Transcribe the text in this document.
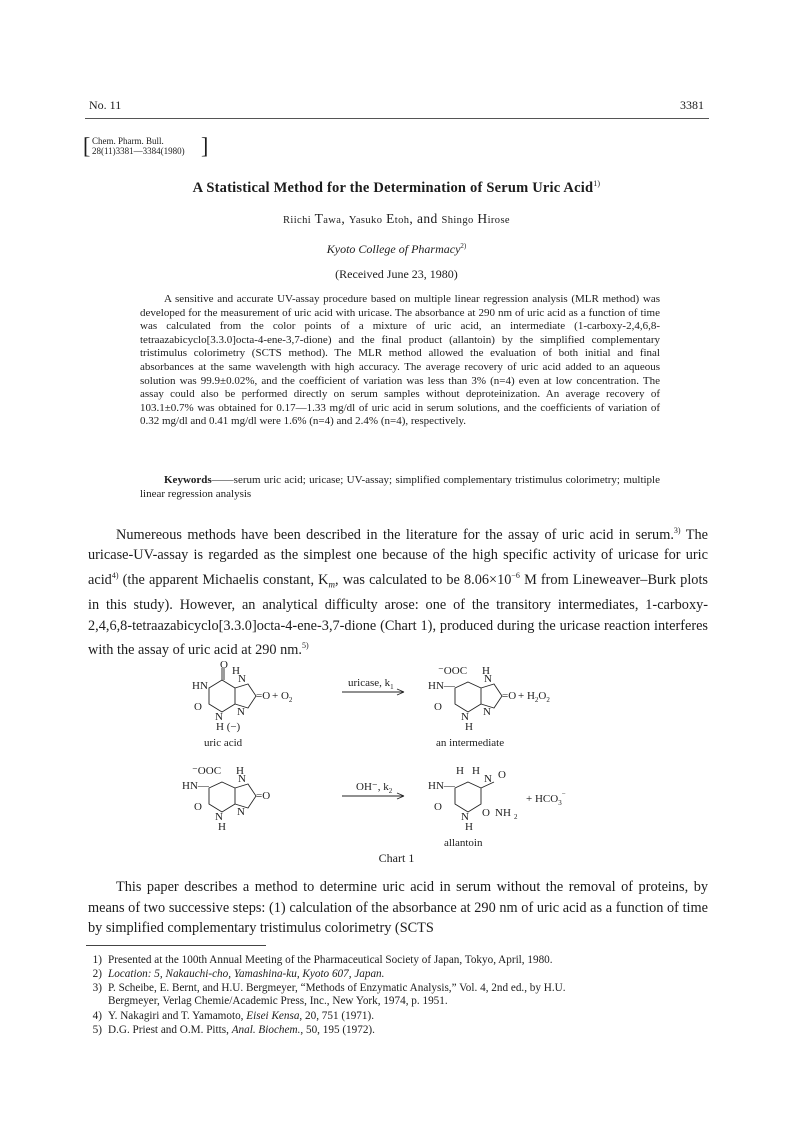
No. 11	3381
[ Chem. Pharm. Bull.
28(11)3381—3384(1980) ]
A Statistical Method for the Determination of Serum Uric Acid$^{1)}$
Riichi Tawa, Yasuko Etoh, and Shingo Hirose
Kyoto College of Pharmacy$^{2)}$
(Received June 23, 1980)

A sensitive and accurate UV-assay procedure based on multiple linear regression analysis (MLR method) was developed for the measurement of uric acid with uricase. The absorbance at 290 nm of uric acid as a function of time was calculated from the color points of a mixture of uric acid, an intermediate (1-carboxy-2,4,6,8-tetraazabicyclo[3.3.0]octa-4-ene-3,7-dione) and the final product (allantoin) by the simplified complementary tristimulus colorimetry (SCTS method). The MLR method allowed the evaluation of both initial and final absorbances at the same wavelength with high accuracy. The average recovery of uric acid added to an aqueous solution was 99.9±0.02%, and the coefficient of variation was less than 3% (n=4) even at low concentration. The assay could also be performed directly on serum samples without deproteinization. An average recovery of 103.1±0.7% was obtained for 0.17—1.33 mg/dl of uric acid in serum solutions, and the coefficients of variation of 0.32 mg/dl and 0.41 mg/dl were 1.6% (n=4) and 2.4% (n=4), respectively.

Keywords——serum uric acid; uricase; UV-assay; simplified complementary tristimulus colorimetry; multiple linear regression analysis

Numereous methods have been described in the literature for the assay of uric acid in serum.$^{3)}$ The uricase-UV-assay is regarded as the simplest one because of the high specific activity of uricase for uric acid$^{4)}$ (the apparent Michaelis constant, $K_m$, was calculated to be $8.06\times 10^{-6}$ M from Lineweaver–Burk plots in this study). However, an analytical difficulty arose: one of the transitory intermediates, 1-carboxy-2,4,6,8-tetraazabicyclo[3.3.0]octa-4-ene-3,7-dione (Chart 1), produced during the uricase reaction interferes with the assay of uric acid at 290 nm.$^{5)}$

O H
HN
N
=O
O
N N
H (−)
+ $O_2$
uric acid
uricase, $k_1$
⁻OOC H
HN—
N
=O
O
N N
H
+ $H_2O_2$
an intermediate
⁻OOC H
HN—
N
=O
O
N N
H
OH⁻, $k_2$
H H
HN—
N O
O
N O NH 2
H
+ $HCO_3^-$
allantoin
Chart 1

This paper describes a method to determine uric acid in serum without the removal of proteins, by means of two successive steps: (1) calculation of the absorbance at 290 nm of uric acid as a function of time by simplified complementary tristimulus colorimetry (SCTS

1) Presented at the 100th Annual Meeting of the Pharmaceutical Society of Japan, Tokyo, April, 1980.
2) Location: 5, Nakauchi-cho, Yamashina-ku, Kyoto 607, Japan.
3) P. Scheibe, E. Bernt, and H.U. Bergmeyer, “Methods of Enzymatic Analysis,” Vol. 4, 2nd ed., by H.U.
Bergmeyer, Verlag Chemie/Academic Press, Inc., New York, 1974, p. 1951.
4) Y. Nakagiri and T. Yamamoto, Eisei Kensa, 20, 751 (1971).
5) D.G. Priest and O.M. Pitts, Anal. Biochem., 50, 195 (1972).
